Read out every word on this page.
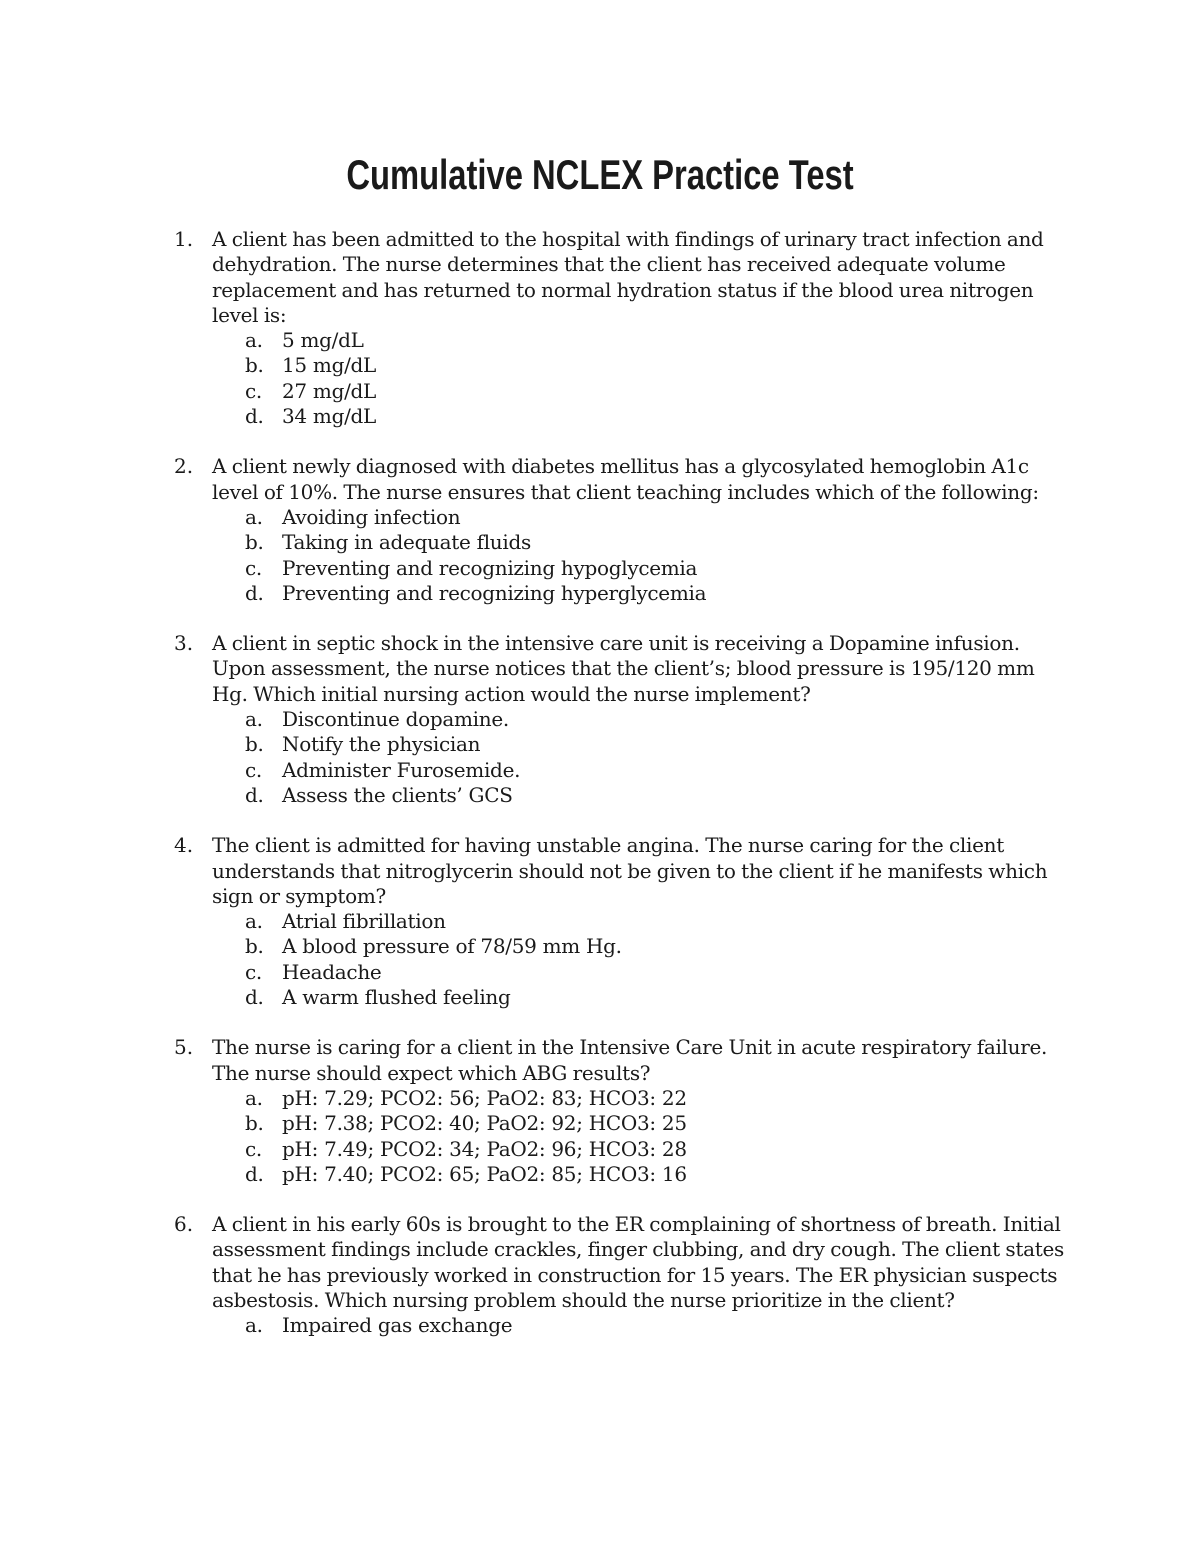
Cumulative NCLEX Practice Test
1. A client has been admitted to the hospital with findings of urinary tract infection and dehydration. The nurse determines that the client has received adequate volume replacement and has returned to normal hydration status if the blood urea nitrogen level is:
a. 5 mg/dL
b. 15 mg/dL
c. 27 mg/dL
d. 34 mg/dL
2. A client newly diagnosed with diabetes mellitus has a glycosylated hemoglobin A1c level of 10%. The nurse ensures that client teaching includes which of the following:
a. Avoiding infection
b. Taking in adequate fluids
c. Preventing and recognizing hypoglycemia
d. Preventing and recognizing hyperglycemia
3. A client in septic shock in the intensive care unit is receiving a Dopamine infusion. Upon assessment, the nurse notices that the client’s; blood pressure is 195/120 mm Hg. Which initial nursing action would the nurse implement?
a. Discontinue dopamine.
b. Notify the physician
c. Administer Furosemide.
d. Assess the clients’ GCS
4. The client is admitted for having unstable angina. The nurse caring for the client understands that nitroglycerin should not be given to the client if he manifests which sign or symptom?
a. Atrial fibrillation
b. A blood pressure of 78/59 mm Hg.
c. Headache
d. A warm flushed feeling
5. The nurse is caring for a client in the Intensive Care Unit in acute respiratory failure. The nurse should expect which ABG results?
a. pH: 7.29; PCO2: 56; PaO2: 83; HCO3: 22
b. pH: 7.38; PCO2: 40; PaO2: 92; HCO3: 25
c. pH: 7.49; PCO2: 34; PaO2: 96; HCO3: 28
d. pH: 7.40; PCO2: 65; PaO2: 85; HCO3: 16
6. A client in his early 60s is brought to the ER complaining of shortness of breath. Initial assessment findings include crackles, finger clubbing, and dry cough. The client states that he has previously worked in construction for 15 years. The ER physician suspects asbestosis. Which nursing problem should the nurse prioritize in the client?
a. Impaired gas exchange
